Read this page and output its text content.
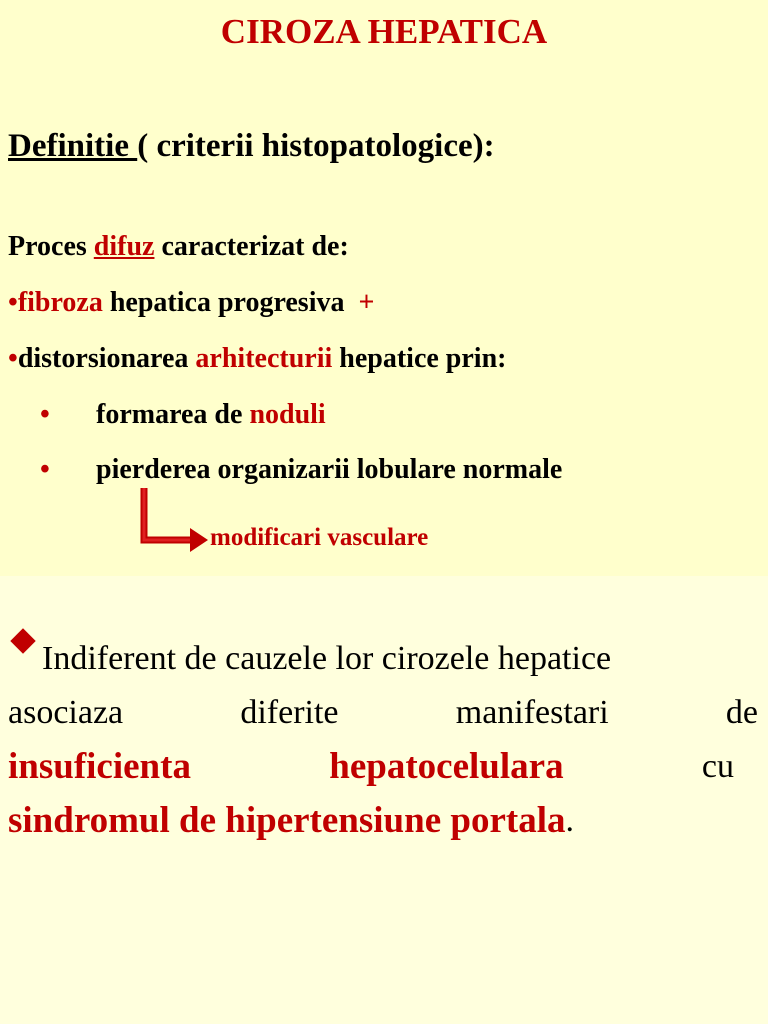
CIROZA HEPATICA
Definitie ( criterii histopatologice):
Proces difuz caracterizat de:
•fibroza hepatica progresiva  +
•distorsionarea arhitecturii hepatice prin:
• formarea de noduli
• pierderea organizarii lobulare normale
modificari vasculare
Indiferent de cauzele lor cirozele hepatice
asociaza	diferite	manifestari	de
insuficienta	hepatocelulara	cu
sindromul de hipertensiune portala .
